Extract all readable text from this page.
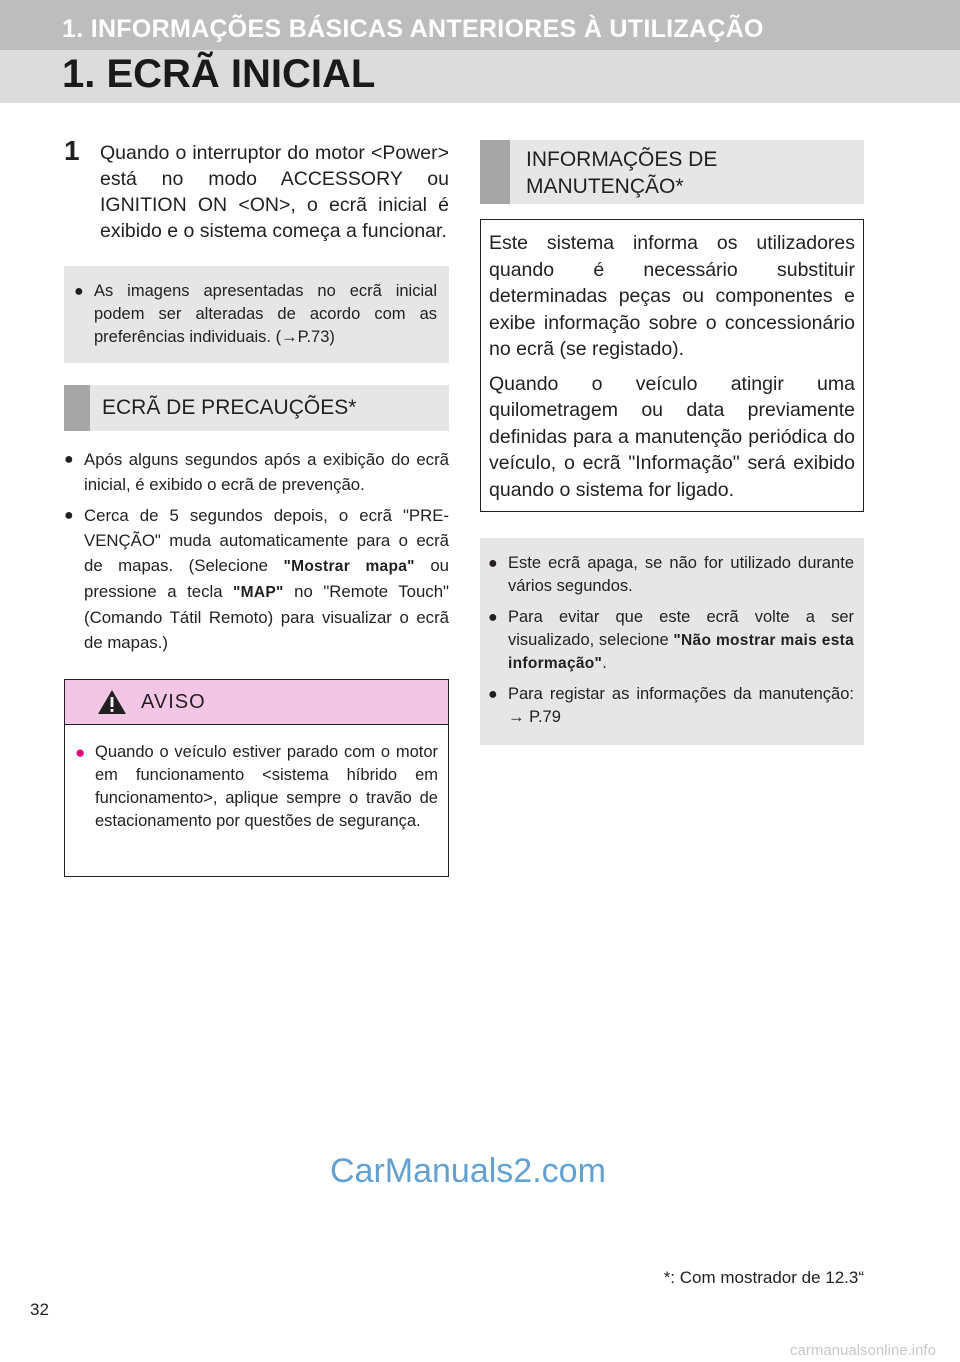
1. INFORMAÇÕES BÁSICAS ANTERIORES À UTILIZAÇÃO
1. ECRÃ INICIAL
1 Quando o interruptor do motor <Power> está no modo ACCESSORY ou IGNITION ON <ON>, o ecrã inicial é exibido e o sistema começa a funcionar.
● As imagens apresentadas no ecrã inicial podem ser alteradas de acordo com as preferências individuais. (→P.73)
ECRÃ DE PRECAUÇÕES*
● Após alguns segundos após a exibição do ecrã inicial, é exibido o ecrã de prevenção.
● Cerca de 5 segundos depois, o ecrã "PRE-VENÇÃO" muda automaticamente para o ecrã de mapas. (Selecione "Mostrar mapa" ou pressione a tecla "MAP" no "Remote Touch" (Comando Tátil Remoto) para visualizar o ecrã de mapas.)
AVISO
● Quando o veículo estiver parado com o motor em funcionamento <sistema híbrido em funcionamento>, aplique sempre o travão de estacionamento por questões de segurança.
INFORMAÇÕES DE MANUTENÇÃO*

Este sistema informa os utilizadores quando é necessário substituir determinadas peças ou componentes e exibe informação sobre o concessionário no ecrã (se registado).

Quando o veículo atingir uma quilometragem ou data previamente definidas para a manutenção periódica do veículo, o ecrã "Informação" será exibido quando o sistema for ligado.

● Este ecrã apaga, se não for utilizado durante vários segundos.
● Para evitar que este ecrã volte a ser visualizado, selecione "Não mostrar mais esta informação".
● Para registar as informações da manutenção: → P.79
CarManuals2.com
*: Com mostrador de 12.3“
32
carmanualsonline.info
